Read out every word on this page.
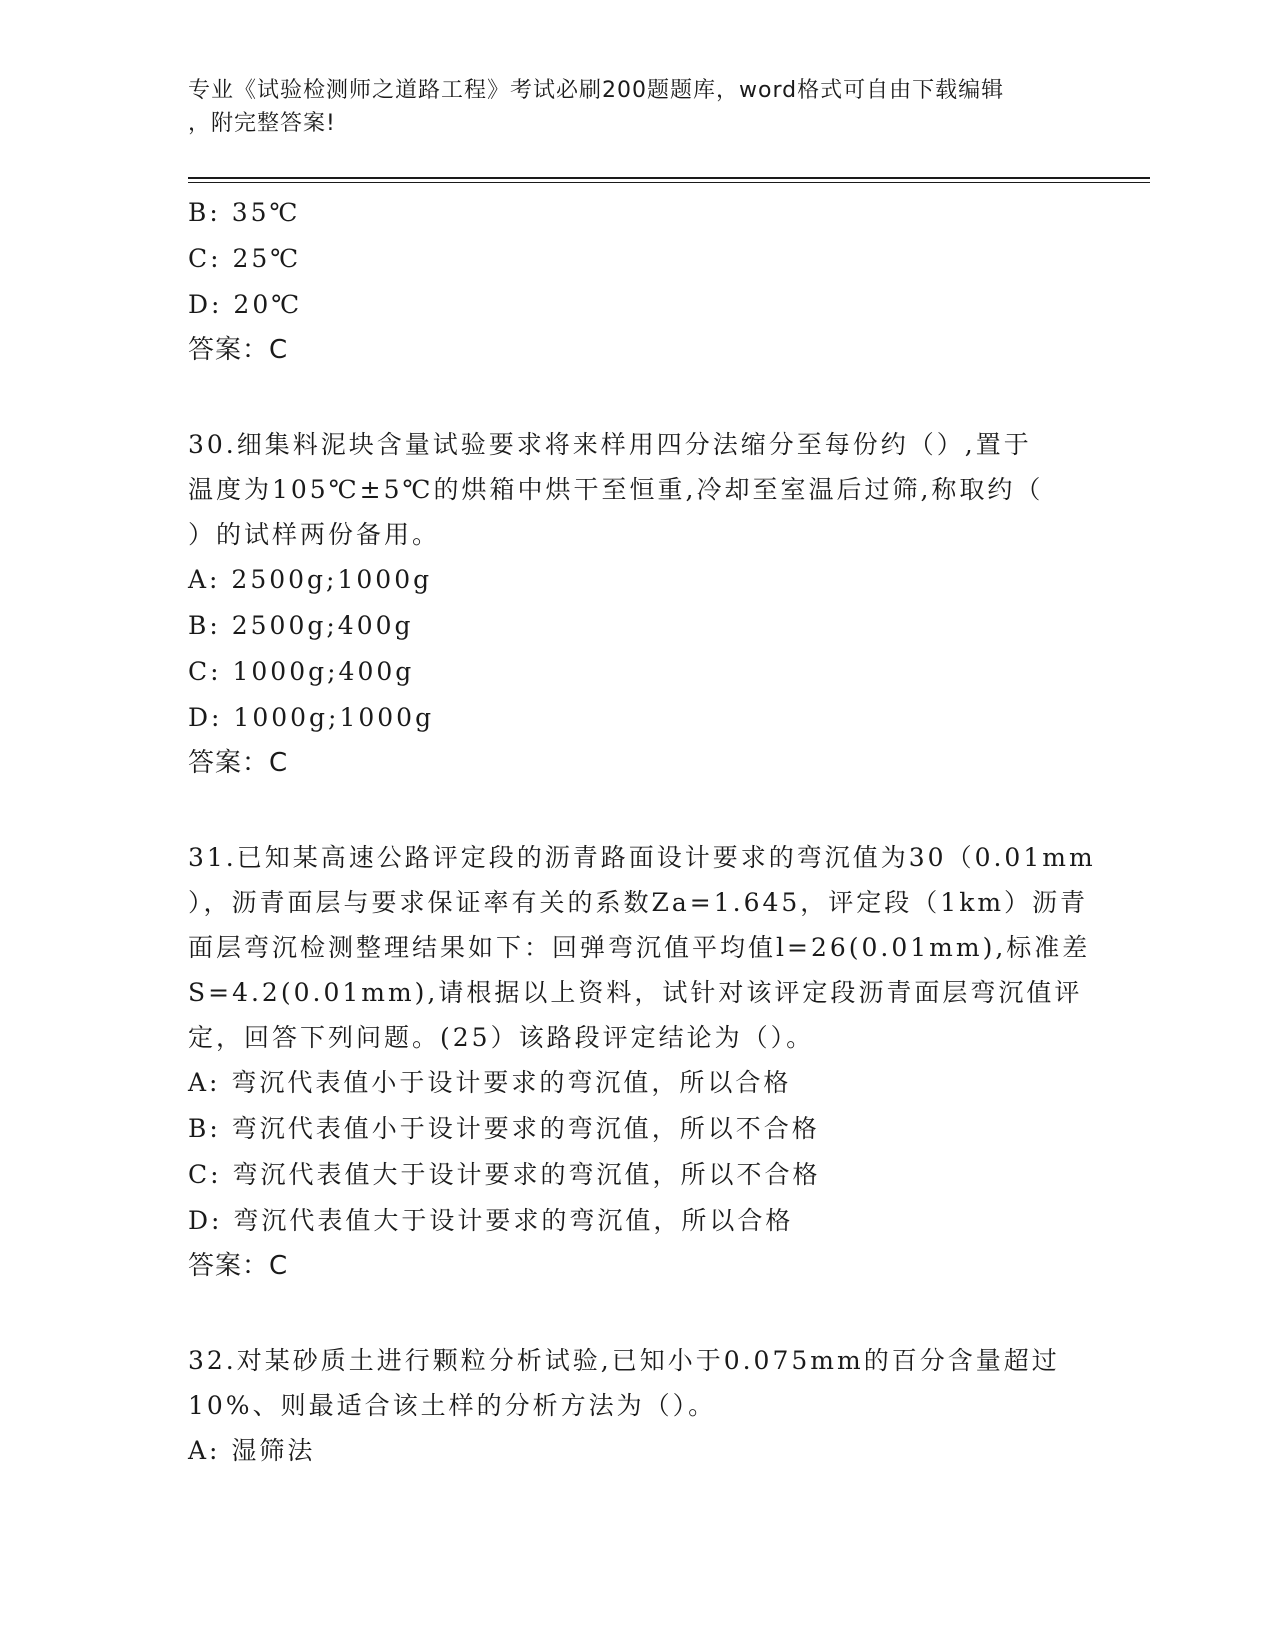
专业《试验检测师之道路工程》考试必刷200题题库，word格式可自由下载编辑
，附完整答案!
B: 35℃
C: 25℃
D: 20℃
答案：C
30.细集料泥块含量试验要求将来样用四分法缩分至每份约（）,置于
温度为105℃±5℃的烘箱中烘干至恒重,冷却至室温后过筛,称取约（
）的试样两份备用。
A: 2500g;1000g
B: 2500g;400g
C: 1000g;400g
D: 1000g;1000g
答案：C
31.已知某高速公路评定段的沥青路面设计要求的弯沉值为30（0.01mm
），沥青面层与要求保证率有关的系数Za=1.645，评定段（1km）沥青
面层弯沉检测整理结果如下：回弹弯沉值平均值l=26(0.01mm),标准差
S=4.2(0.01mm),请根据以上资料，试针对该评定段沥青面层弯沉值评
定，回答下列问题。(25）该路段评定结论为（）。
A: 弯沉代表值小于设计要求的弯沉值，所以合格
B: 弯沉代表值小于设计要求的弯沉值，所以不合格
C: 弯沉代表值大于设计要求的弯沉值，所以不合格
D: 弯沉代表值大于设计要求的弯沉值，所以合格
答案：C
32.对某砂质土进行颗粒分析试验,已知小于0.075mm的百分含量超过
10%、则最适合该土样的分析方法为（）。
A: 湿筛法
